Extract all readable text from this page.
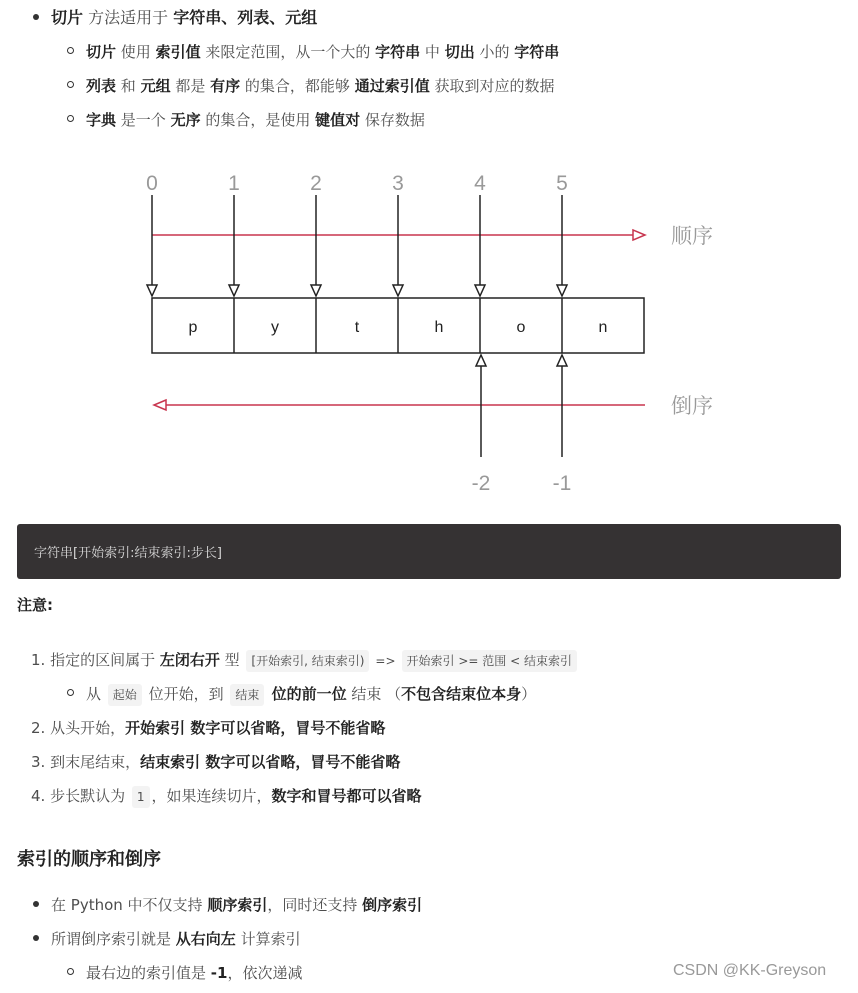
切片 方法适用于 字符串、列表、元组
切片 使用 索引值 来限定范围，从一个大的 字符串 中 切出 小的 字符串
列表 和 元组 都是 有序 的集合，都能够 通过索引值 获取到对应的数据
字典 是一个 无序 的集合，是使用 键值对 保存数据
0	1	2	3	4	5
-2	-1
顺序
倒序
p	y	t	h	o	n
字符串[开始索引:结束索引:步长]
注意:
1. 指定的区间属于 左闭右开 型 [开始索引, 结束索引)=>开始索引 >= 范围 < 结束索引
从 起始 位开始，到 结束 位的前一位 结束 （不包含结束位本身）
2. 从头开始，开始索引 数字可以省略，冒号不能省略
3. 到末尾结束，结束索引 数字可以省略，冒号不能省略
4. 步长默认为 1 ，如果连续切片，数字和冒号都可以省略
索引的顺序和倒序
在 Python 中不仅支持 顺序索引，同时还支持 倒序索引
所谓倒序索引就是 从右向左 计算索引
最右边的索引值是 -1，依次递减	CSDN @KK-Greyson
